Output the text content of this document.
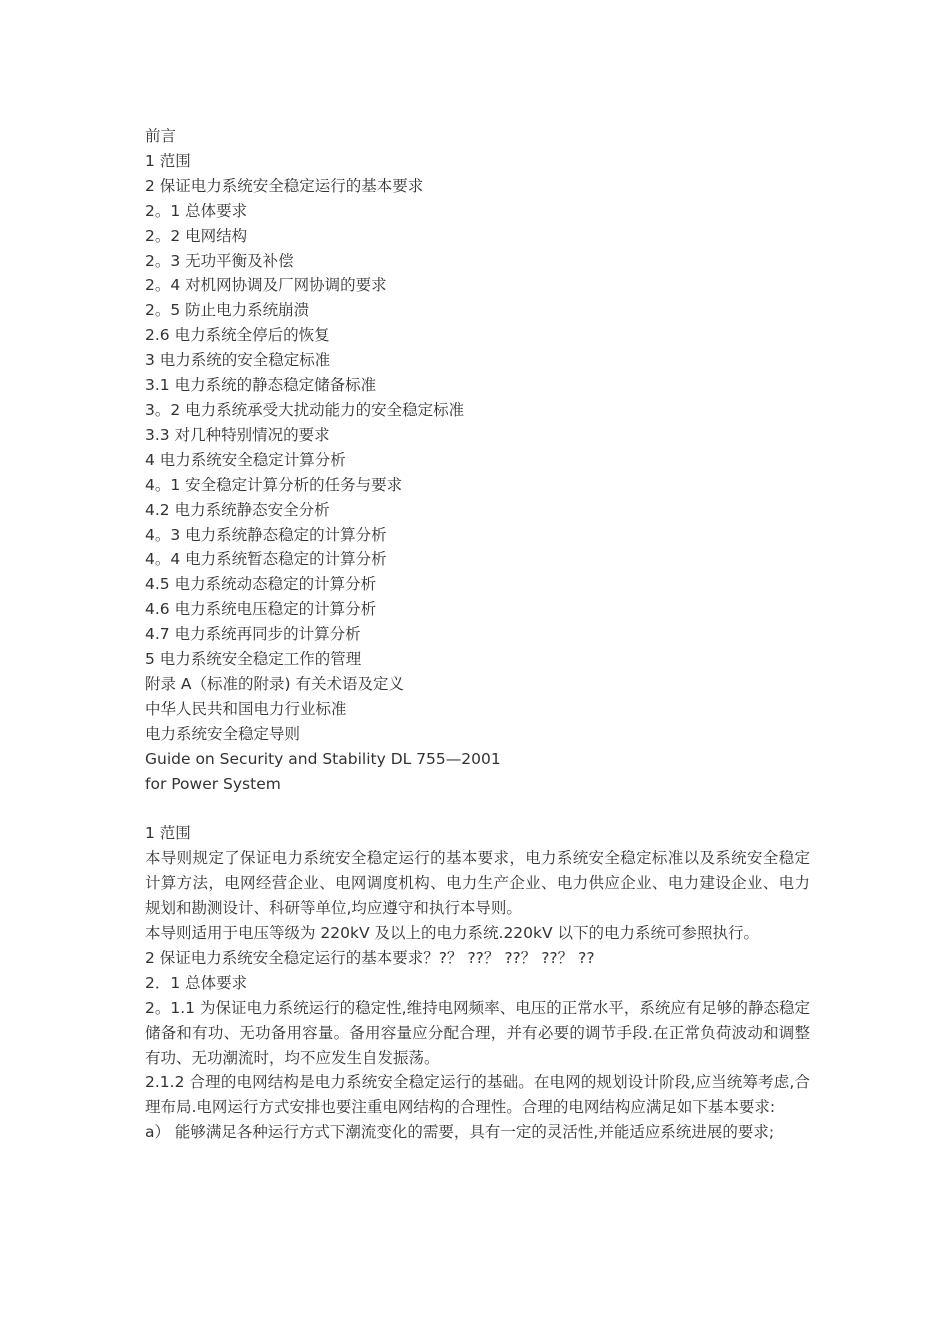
前言

1 范围

2 保证电力系统安全稳定运行的基本要求

2。1 总体要求

2。2 电网结构

2。3 无功平衡及补偿

2。4 对机网协调及厂网协调的要求

2。5 防止电力系统崩溃

2.6 电力系统全停后的恢复

3 电力系统的安全稳定标准

3.1 电力系统的静态稳定储备标准

3。2 电力系统承受大扰动能力的安全稳定标准

3.3 对几种特别情况的要求

4 电力系统安全稳定计算分析

4。1 安全稳定计算分析的任务与要求

4.2 电力系统静态安全分析

4。3 电力系统静态稳定的计算分析

4。4 电力系统暂态稳定的计算分析

4.5 电力系统动态稳定的计算分析

4.6 电力系统电压稳定的计算分析

4.7 电力系统再同步的计算分析

5 电力系统安全稳定工作的管理

附录 A（标准的附录) 有关术语及定义

中华人民共和国电力行业标准

电力系统安全稳定导则

Guide on Security and Stability DL 755—2001

for Power System

1 范围

本导则规定了保证电力系统安全稳定运行的基本要求，电力系统安全稳定标准以及系统安全稳定计算方法，电网经营企业、电网调度机构、电力生产企业、电力供应企业、电力建设企业、电力规划和勘测设计、科研等单位,均应遵守和执行本导则。

本导则适用于电压等级为 220kV 及以上的电力系统.220kV 以下的电力系统可参照执行。

2 保证电力系统安全稳定运行的基本要求？?？ ??？ ??？ ??？ ??

2．1 总体要求

2。1.1 为保证电力系统运行的稳定性,维持电网频率、电压的正常水平，系统应有足够的静态稳定储备和有功、无功备用容量。备用容量应分配合理，并有必要的调节手段.在正常负荷波动和调整有功、无功潮流时，均不应发生自发振荡。

2.1.2 合理的电网结构是电力系统安全稳定运行的基础。在电网的规划设计阶段,应当统筹考虑,合理布局.电网运行方式安排也要注重电网结构的合理性。合理的电网结构应满足如下基本要求:

a） 能够满足各种运行方式下潮流变化的需要，具有一定的灵活性,并能适应系统进展的要求;
